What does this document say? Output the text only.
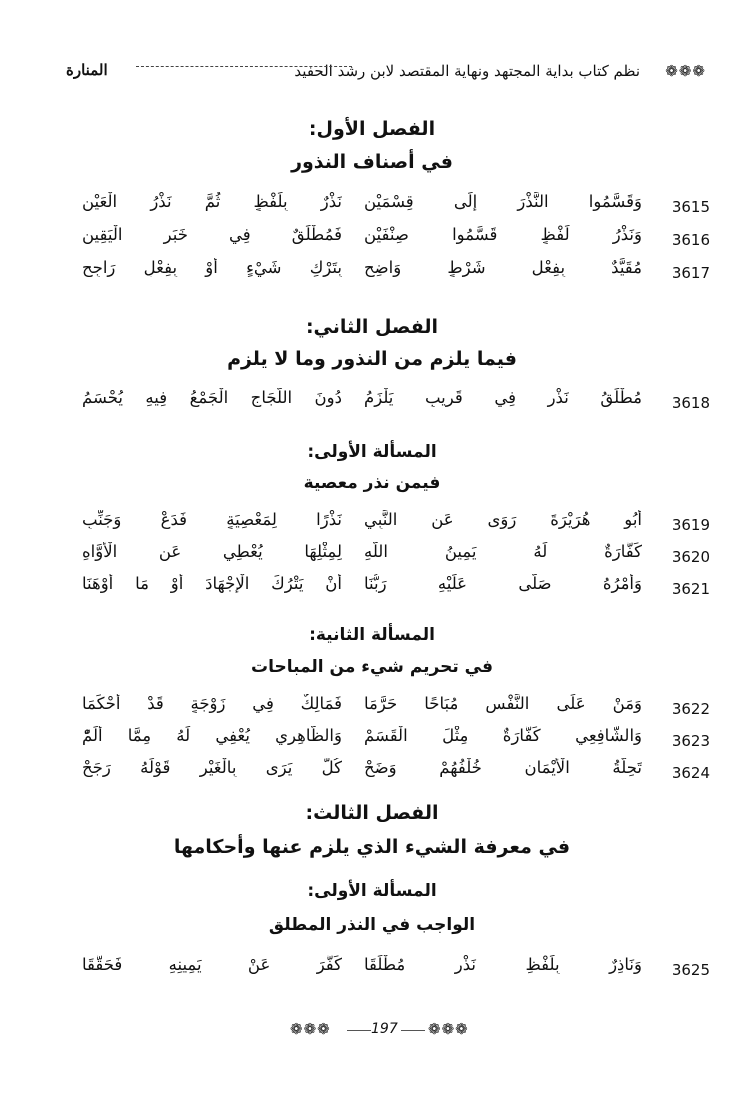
❁❁❁
نظم كتاب بداية المجتهد ونهاية المقتصد لابن رشد الحفيد
المنارة
الفصل الأول:
في أصناف النذور
3615
وَقَسَّمُوا النَّذْرَ إِلَى قِسْمَيْنِ
نَذْرٌ بِلَفْظٍ ثُمَّ نَذْرُ الْعَيْنِ
3616
وَنَذْرُ لَفْظٍ قَسَّمُوا صِنْفَيْنِ
فَمُطْلَقٌ فِي خَبَرِ الْيَقِينِ
3617
مُقَيَّدٌ بِفِعْلِ شَرْطٍ وَاضِحِ
بِتَرْكِ شَيْءٍ أَوْ بِفِعْلٍ رَاجِحِ
الفصل الثاني:
فيما يلزم من النذور وما لا يلزم
3618
مُطْلَقُ نَذْرٍ فِي قَرِيبٍ يَلْزَمُ
دُونَ اللَّجَاجِ الْجَمْعُ فِيهِ يُحْسَمُ
المسألة الأولى:
فيمن نذر معصية
3619
أَبُو هُرَيْرَةَ رَوَى عَنِ النَّبِي
نَذْرًا لِمَعْصِيَةٍ فَدَعْ وَجَنِّبِ
3620
كَفَّارَةٌ لَهُ يَمِينُ اللَّهِ
لِمِثْلِهَا يُعْطِي عَنِ الْأَوَّاهِ
3621
وَأَمْرُهُ صَلَّى عَلَيْهِ رَبُّنَا
أَنْ يَتْرُكَ الْإِجْهَادَ أَوْ مَا أَوْهَنَا
المسألة الثانية:
في تحريم شيء من المباحات
3622
وَمَنْ عَلَى النَّفْسِ مُبَاحًا حَرَّمَا
فَمَالِكٌ فِي زَوْجَةٍ قَدْ أَحْكَمَا
3623
وَالشَّافِعِي كَفَّارَةٌ مِثْلَ الْقَسَمْ
وَالظَّاهِرِي يُعْفِي لَهُ مِمَّا أَلَمّْ
3624
تَحِلَّةُ الْأَيْمَانِ خُلْفُهُمْ وَضَحْ
كُلٌّ يَرَى بِالْغَيْرِ قَوْلَهُ رَجَحْ
الفصل الثالث:
في معرفة الشيء الذي يلزم عنها وأحكامها
المسألة الأولى:
الواجب في النذر المطلق
3625
وَنَاذِرٌ بِلَفْظِ نَذْرٍ مُطْلَقَا
كَفَّرَ عَنْ يَمِينِهِ فَحَقَّقَا
❁❁❁	197 ❁❁❁
